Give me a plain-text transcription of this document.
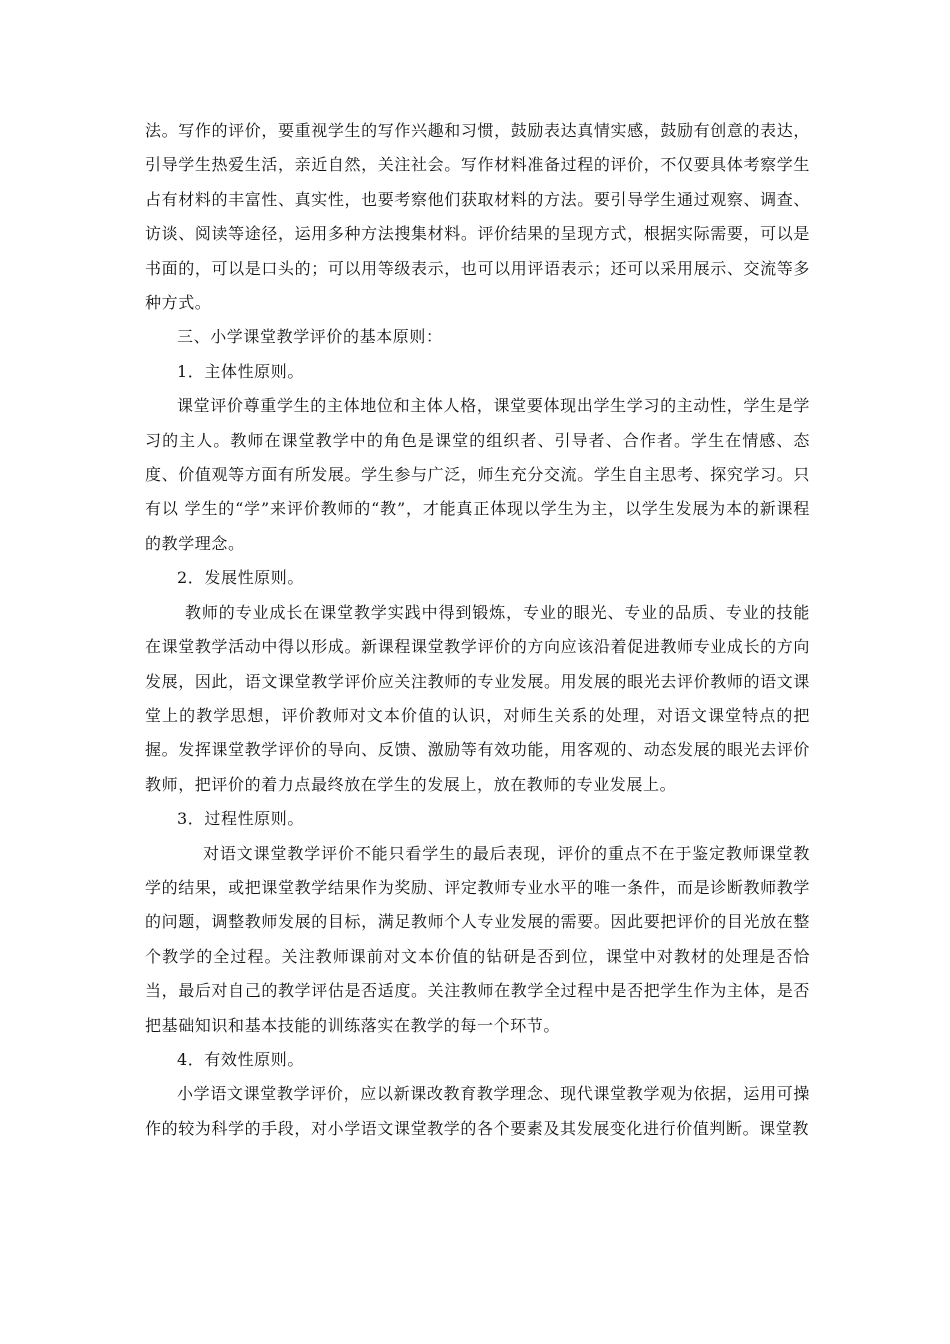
法。写作的评价，要重视学生的写作兴趣和习惯，鼓励表达真情实感，鼓励有创意的表达，引导学生热爱生活，亲近自然，关注社会。写作材料准备过程的评价，不仅要具体考察学生占有材料的丰富性、真实性，也要考察他们获取材料的方法。要引导学生通过观察、调查、访谈、阅读等途径，运用多种方法搜集材料。评价结果的呈现方式，根据实际需要，可以是书面的，可以是口头的；可以用等级表示，也可以用评语表示；还可以采用展示、交流等多种方式。

三、小学课堂教学评价的基本原则：

1．主体性原则。

课堂评价尊重学生的主体地位和主体人格，课堂要体现出学生学习的主动性，学生是学习的主人。教师在课堂教学中的角色是课堂的组织者、引导者、合作者。学生在情感、态度、价值观等方面有所发展。学生参与广泛，师生充分交流。学生自主思考、探究学习。只有以 学生的“学”来评价教师的“教”，才能真正体现以学生为主，以学生发展为本的新课程的教学理念。

2．发展性原则。

教师的专业成长在课堂教学实践中得到锻炼，专业的眼光、专业的品质、专业的技能在课堂教学活动中得以形成。新课程课堂教学评价的方向应该沿着促进教师专业成长的方向发展，因此，语文课堂教学评价应关注教师的专业发展。用发展的眼光去评价教师的语文课堂上的教学思想，评价教师对文本价值的认识，对师生关系的处理，对语文课堂特点的把握。发挥课堂教学评价的导向、反馈、激励等有效功能，用客观的、动态发展的眼光去评价教师，把评价的着力点最终放在学生的发展上，放在教师的专业发展上。

3．过程性原则。

对语文课堂教学评价不能只看学生的最后表现，评价的重点不在于鉴定教师课堂教学的结果，或把课堂教学结果作为奖励、评定教师专业水平的唯一条件，而是诊断教师教学的问题，调整教师发展的目标，满足教师个人专业发展的需要。因此要把评价的目光放在整个教学的全过程。关注教师课前对文本价值的钻研是否到位，课堂中对教材的处理是否恰当，最后对自己的教学评估是否适度。关注教师在教学全过程中是否把学生作为主体，是否把基础知识和基本技能的训练落实在教学的每一个环节。

4．有效性原则。

小学语文课堂教学评价，应以新课改教育教学理念、现代课堂教学观为依据，运用可操作的较为科学的手段，对小学语文课堂教学的各个要素及其发展变化进行价值判断。课堂教
